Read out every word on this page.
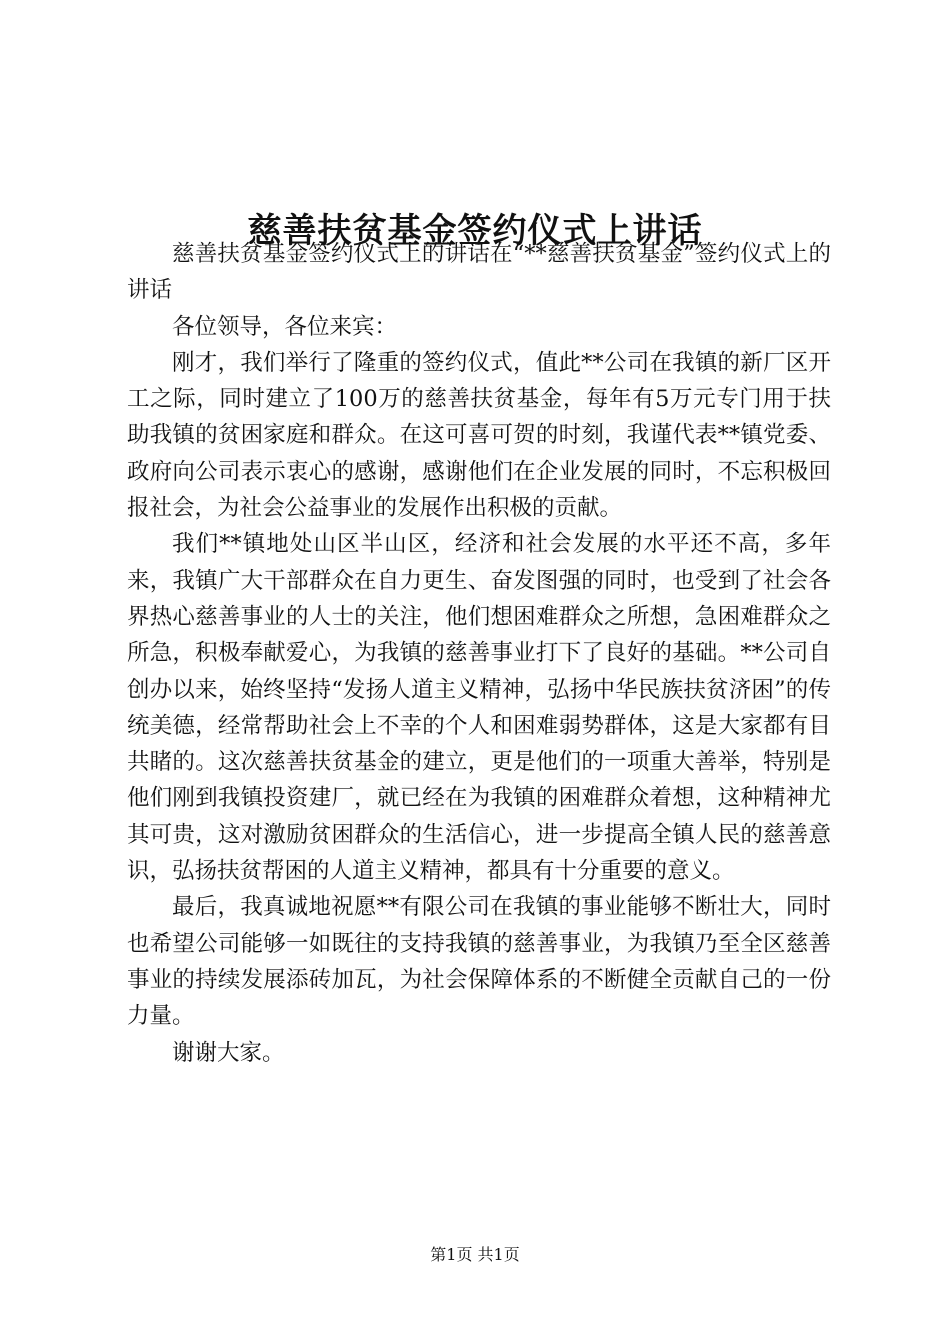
慈善扶贫基金签约仪式上讲话

慈善扶贫基金签约仪式上的讲话在“**慈善扶贫基金”签约仪式上的讲话

各位领导，各位来宾：

刚才，我们举行了隆重的签约仪式，值此**公司在我镇的新厂区开工之际，同时建立了100万的慈善扶贫基金，每年有5万元专门用于扶助我镇的贫困家庭和群众。在这可喜可贺的时刻，我谨代表**镇党委、政府向公司表示衷心的感谢，感谢他们在企业发展的同时，不忘积极回报社会，为社会公益事业的发展作出积极的贡献。

我们**镇地处山区半山区，经济和社会发展的水平还不高，多年来，我镇广大干部群众在自力更生、奋发图强的同时，也受到了社会各界热心慈善事业的人士的关注，他们想困难群众之所想，急困难群众之所急，积极奉献爱心，为我镇的慈善事业打下了良好的基础。**公司自创办以来，始终坚持“发扬人道主义精神，弘扬中华民族扶贫济困”的传统美德，经常帮助社会上不幸的个人和困难弱势群体，这是大家都有目共睹的。这次慈善扶贫基金的建立，更是他们的一项重大善举，特别是他们刚到我镇投资建厂，就已经在为我镇的困难群众着想，这种精神尤其可贵，这对激励贫困群众的生活信心，进一步提高全镇人民的慈善意识，弘扬扶贫帮困的人道主义精神，都具有十分重要的意义。

最后，我真诚地祝愿**有限公司在我镇的事业能够不断壮大，同时也希望公司能够一如既往的支持我镇的慈善事业，为我镇乃至全区慈善事业的持续发展添砖加瓦，为社会保障体系的不断健全贡献自己的一份力量。

谢谢大家。

第1页 共1页
